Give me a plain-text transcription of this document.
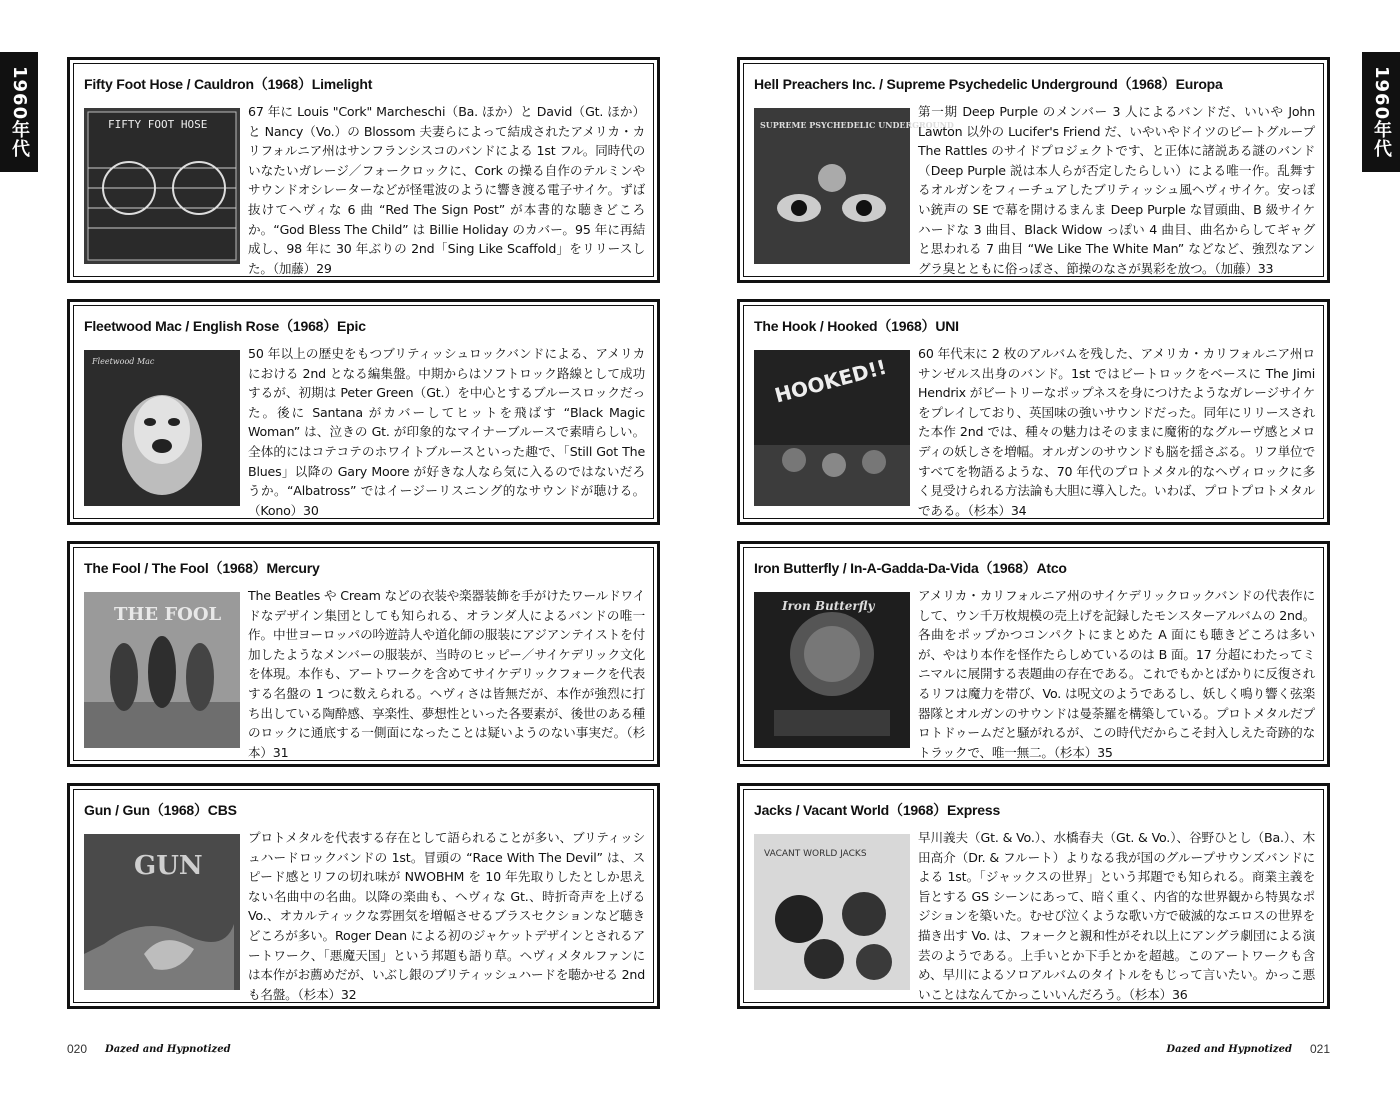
1960年代	1960年代
Fifty Foot Hose / Cauldron（1968）Limelight
FIFTY FOOT HOSE
67 年に Louis "Cork" Marcheschi（Ba. ほか）と David（Gt. ほか）と Nancy（Vo.）の Blossom 夫妻らによって結成されたアメリカ・カリフォルニア州はサンフランシスコのバンドによる 1st フル。同時代のいなたいガレージ／フォークロックに、Cork の操る自作のテルミンやサウンドオシレーターなどが怪電波のように響き渡る電子サイケ。ずば抜けてヘヴィな 6 曲 “Red The Sign Post” が本書的な聴きどころか。“God Bless The Child” は Billie Holiday のカバー。95 年に再結成し、98 年に 30 年ぶりの 2nd「Sing Like Scaffold」をリリースした。（加藤）29
Fleetwood Mac / English Rose（1968）Epic
Fleetwood Mac
50 年以上の歴史をもつブリティッシュロックバンドによる、アメリカにおける 2nd となる編集盤。中期からはソフトロック路線として成功するが、初期は Peter Green（Gt.）を中心とするブルースロックだった。後に Santana がカバーしてヒットを飛ばす “Black Magic Woman” は、泣きの Gt. が印象的なマイナーブルースで素晴らしい。全体的にはコテコテのホワイトブルースといった趣で、「Still Got The Blues」以降の Gary Moore が好きな人なら気に入るのではないだろうか。“Albatross” ではイージーリスニング的なサウンドが聴ける。（Kono）30
The Fool / The Fool（1968）Mercury
THE FOOL
The Beatles や Cream などの衣装や楽器装飾を手がけたワールドワイドなデザイン集団としても知られる、オランダ人によるバンドの唯一作。中世ヨーロッパの吟遊詩人や道化師の服装にアジアンテイストを付加したようなメンバーの服装が、当時のヒッピー／サイケデリック文化を体現。本作も、アートワークを含めてサイケデリックフォークを代表する名盤の 1 つに数えられる。ヘヴィさは皆無だが、本作が強烈に打ち出している陶酔感、享楽性、夢想性といった各要素が、後世のある種のロックに通底する一側面になったことは疑いようのない事実だ。（杉本）31
Gun / Gun（1968）CBS
GUN
プロトメタルを代表する存在として語られることが多い、ブリティッシュハードロックバンドの 1st。冒頭の “Race With The Devil” は、スピード感とリフの切れ味が NWOBHM を 10 年先取りしたとしか思えない名曲中の名曲。以降の楽曲も、ヘヴィな Gt.、時折奇声を上げる Vo.、オカルティックな雰囲気を増幅させるブラスセクションなど聴きどころが多い。Roger Dean による初のジャケットデザインとされるアートワーク、「悪魔天国」という邦題も語り草。ヘヴィメタルファンには本作がお薦めだが、いぶし銀のブリティッシュハードを聴かせる 2nd も名盤。（杉本）32
Hell Preachers Inc. / Supreme Psychedelic Underground（1968）Europa
SUPREME PSYCHEDELIC UNDERGROUND
第一期 Deep Purple のメンバー 3 人によるバンドだ、いいや John Lawton 以外の Lucifer's Friend だ、いやいやドイツのビートグループ The Rattles のサイドプロジェクトです、と正体に諸説ある謎のバンド（Deep Purple 説は本人らが否定したらしい）による唯一作。乱舞するオルガンをフィーチュアしたブリティッシュ風ヘヴィサイケ。安っぽい銃声の SE で幕を開けるまんま Deep Purple な冒頭曲、B 級サイケハードな 3 曲目、Black Widow っぽい 4 曲目、曲名からしてギャグと思われる 7 曲目 “We Like The White Man” などなど、強烈なアングラ臭とともに俗っぽさ、節操のなさが異彩を放つ。（加藤）33
The Hook / Hooked（1968）UNI
HOOKED!!
60 年代末に 2 枚のアルバムを残した、アメリカ・カリフォルニア州ロサンゼルス出身のバンド。1st ではビートロックをベースに The Jimi Hendrix がビートリーなポップネスを身につけたようなガレージサイケをプレイしており、英国味の強いサウンドだった。同年にリリースされた本作 2nd では、種々の魅力はそのままに魔術的なグルーヴ感とメロディの妖しさを増幅。オルガンのサウンドも脳を揺さぶる。リフ単位ですべてを物語るような、70 年代のプロトメタル的なヘヴィロックに多く見受けられる方法論も大胆に導入した。いわば、プロトプロトメタルである。（杉本）34
Iron Butterfly / In-A-Gadda-Da-Vida（1968）Atco
Iron Butterfly
アメリカ・カリフォルニア州のサイケデリックロックバンドの代表作にして、ウン千万枚規模の売上げを記録したモンスターアルバムの 2nd。各曲をポップかつコンパクトにまとめた A 面にも聴きどころは多いが、やはり本作を怪作たらしめているのは B 面。17 分超にわたってミニマルに展開する表題曲の存在である。これでもかとばかりに反復されるリフは魔力を帯び、Vo. は呪文のようであるし、妖しく鳴り響く弦楽器隊とオルガンのサウンドは曼荼羅を構築している。プロトメタルだプロトドゥームだと騒がれるが、この時代だからこそ封入しえた奇跡的なトラックで、唯一無二。（杉本）35
Jacks / Vacant World（1968）Express
VACANT WORLD JACKS
早川義夫（Gt. & Vo.）、水橋春夫（Gt. & Vo.）、谷野ひとし（Ba.）、木田高介（Dr. & フルート）よりなる我が国のグループサウンズバンドによる 1st。「ジャックスの世界」という邦題でも知られる。商業主義を旨とする GS シーンにあって、暗く重く、内省的な世界観から特異なポジションを築いた。むせび泣くような歌い方で破滅的なエロスの世界を描き出す Vo. は、フォークと親和性がそれ以上にアングラ劇団による演芸のようである。上手いとか下手とかを超越。このアートワークも含め、早川によるソロアルバムのタイトルをもじって言いたい。かっこ悪いことはなんてかっこいいんだろう。（杉本）36
020 Dazed and Hypnotized	Dazed and Hypnotized 021
